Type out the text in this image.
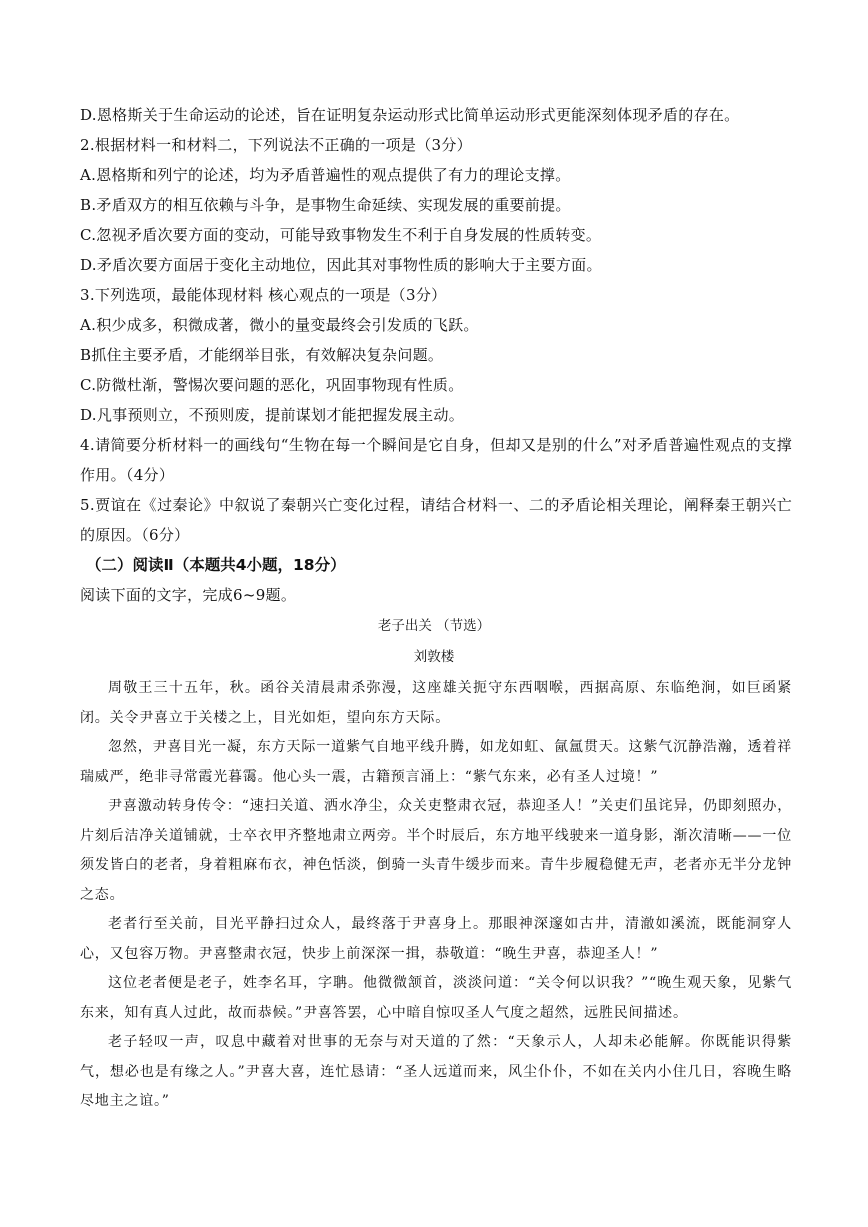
D.恩格斯关于生命运动的论述，旨在证明复杂运动形式比简单运动形式更能深刻体现矛盾的存在。
2.根据材料一和材料二，下列说法不正确的一项是（3分）
A.恩格斯和列宁的论述，均为矛盾普遍性的观点提供了有力的理论支撑。
B.矛盾双方的相互依赖与斗争，是事物生命延续、实现发展的重要前提。
C.忽视矛盾次要方面的变动，可能导致事物发生不利于自身发展的性质转变。
D.矛盾次要方面居于变化主动地位，因此其对事物性质的影响大于主要方面。
3.下列选项，最能体现材料 核心观点的一项是（3分）
A.积少成多，积微成著，微小的量变最终会引发质的飞跃。
B抓住主要矛盾，才能纲举目张，有效解决复杂问题。
C.防微杜渐，警惕次要问题的恶化，巩固事物现有性质。
D.凡事预则立，不预则废，提前谋划才能把握发展主动。
4.请简要分析材料一的画线句“生物在每一个瞬间是它自身，但却又是别的什么”对矛盾普遍性观点的支撑作用。（4分）
5.贾谊在《过秦论》中叙说了秦朝兴亡变化过程，请结合材料一、二的矛盾论相关理论，阐释秦王朝兴亡的原因。（6分）
（二）阅读Ⅱ（本题共4小题，18分）
阅读下面的文字，完成6~9题。
老子出关 （节选）
刘敦楼

周敬王三十五年，秋。函谷关清晨肃杀弥漫，这座雄关扼守东西咽喉，西据高原、东临绝涧，如巨函紧闭。关令尹喜立于关楼之上，目光如炬，望向东方天际。

忽然，尹喜目光一凝，东方天际一道紫气自地平线升腾，如龙如虹、氤氲贯天。这紫气沉静浩瀚，透着祥瑞威严，绝非寻常霞光暮霭。他心头一震，古籍预言涌上：“紫气东来，必有圣人过境！”

尹喜激动转身传令：“速扫关道、洒水净尘，众关吏整肃衣冠，恭迎圣人！”关吏们虽诧异，仍即刻照办，片刻后洁净关道铺就，士卒衣甲齐整地肃立两旁。半个时辰后，东方地平线驶来一道身影，渐次清晰——一位须发皆白的老者，身着粗麻布衣，神色恬淡，倒骑一头青牛缓步而来。青牛步履稳健无声，老者亦无半分龙钟之态。

老者行至关前，目光平静扫过众人，最终落于尹喜身上。那眼神深邃如古井，清澈如溪流，既能洞穿人心，又包容万物。尹喜整肃衣冠，快步上前深深一揖，恭敬道：“晚生尹喜，恭迎圣人！”

这位老者便是老子，姓李名耳，字聃。他微微颔首，淡淡问道：“关令何以识我？”“晚生观天象，见紫气东来，知有真人过此，故而恭候。”尹喜答罢，心中暗自惊叹圣人气度之超然，远胜民间描述。

老子轻叹一声，叹息中藏着对世事的无奈与对天道的了然：“天象示人，人却未必能解。你既能识得紫气，想必也是有缘之人。”尹喜大喜，连忙恳请：“圣人远道而来，风尘仆仆，不如在关内小住几日，容晚生略尽地主之谊。”
